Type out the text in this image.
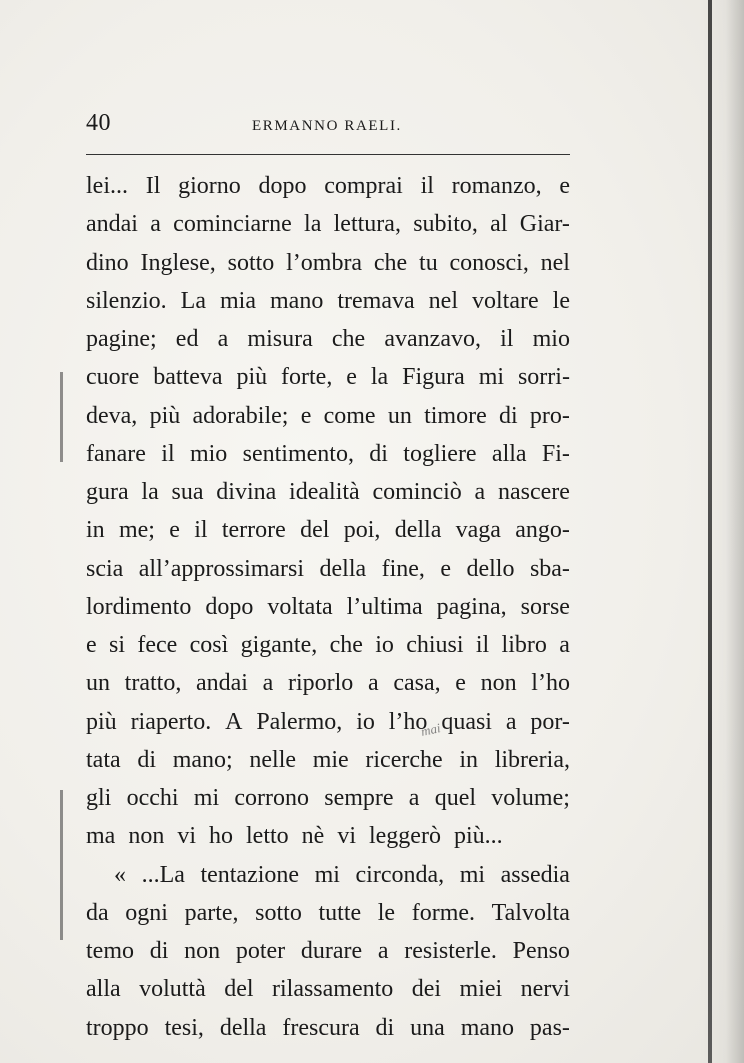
40	ERMANNO RAELI.
lei... Il giorno dopo comprai il romanzo, e
andai a cominciarne la lettura, subito, al Giar-
dino Inglese, sotto l’ombra che tu conosci, nel
silenzio. La mia mano tremava nel voltare le
pagine; ed a misura che avanzavo, il mio
cuore batteva più forte, e la Figura mi sorri-
deva, più adorabile; e come un timore di pro-
fanare il mio sentimento, di togliere alla Fi-
gura la sua divina idealità cominciò a nascere
in me; e il terrore del poi, della vaga ango-
scia all’approssimarsi della fine, e dello sba-
lordimento dopo voltata l’ultima pagina, sorse
e si fece così gigante, che io chiusi il libro a
un tratto, andai a riporlo a casa, e non l’ho
più riaperto. A Palermo, io l’ho quasi a por-
tata di mano; nelle mie ricerche in libreria,
gli occhi mi corrono sempre a quel volume;
ma non vi ho letto nè vi leggerò più...
« ...La tentazione mi circonda, mi assedia
da ogni parte, sotto tutte le forme. Talvolta
temo di non poter durare a resisterle. Penso
alla voluttà del rilassamento dei miei nervi
troppo tesi, della frescura di una mano pas-
mai
